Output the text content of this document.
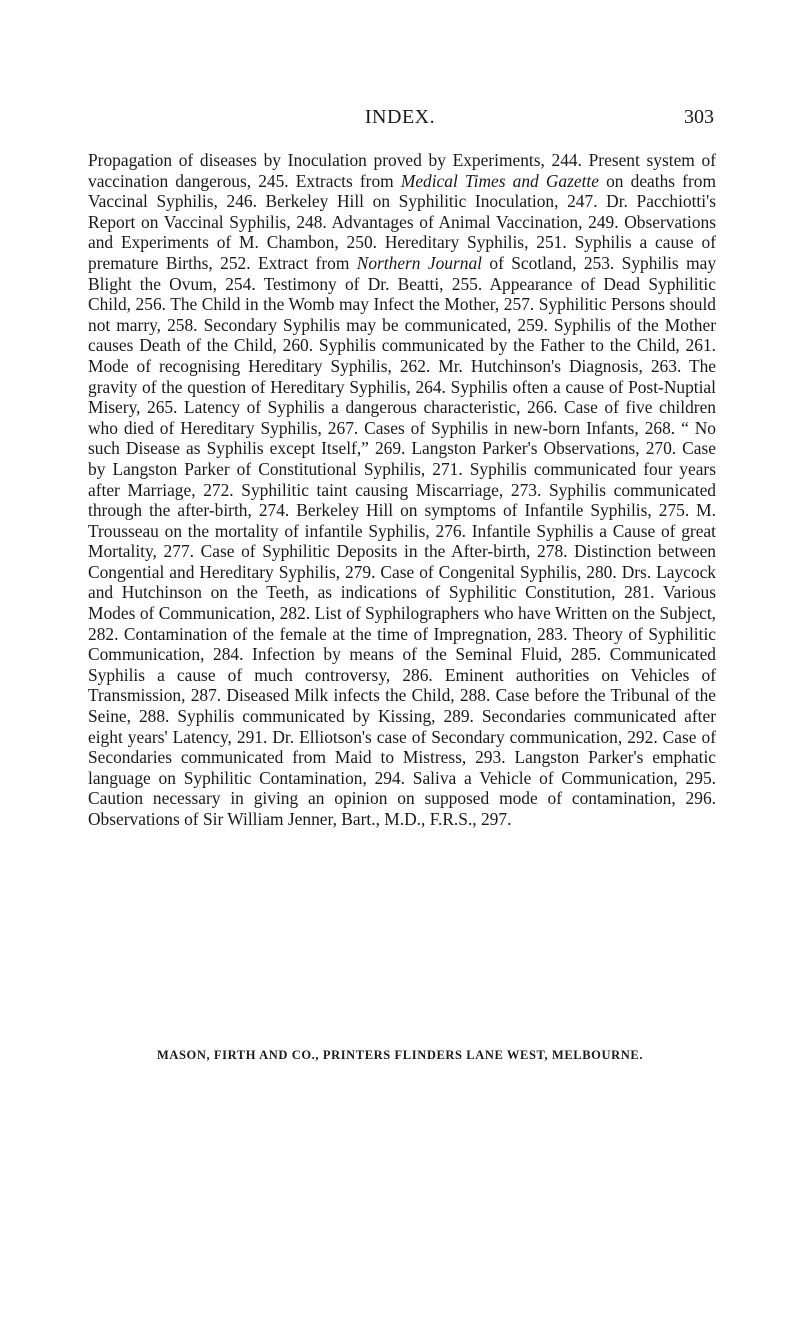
INDEX.	303

Propagation of diseases by Inoculation proved by Experiments, 244. Present system of vaccination dangerous, 245. Extracts from Medical Times and Gazette on deaths from Vaccinal Syphilis, 246. Berkeley Hill on Syphilitic Inoculation, 247. Dr. Pacchiotti's Report on Vaccinal Syphilis, 248. Advantages of Animal Vaccination, 249. Observations and Experiments of M. Chambon, 250. Hereditary Syphilis, 251. Syphilis a cause of premature Births, 252. Extract from Northern Journal of Scotland, 253. Syphilis may Blight the Ovum, 254. Testimony of Dr. Beatti, 255. Appearance of Dead Syphilitic Child, 256. The Child in the Womb may Infect the Mother, 257. Syphilitic Persons should not marry, 258. Secondary Syphilis may be communicated, 259. Syphilis of the Mother causes Death of the Child, 260. Syphilis communicated by the Father to the Child, 261. Mode of recognising Hereditary Syphilis, 262. Mr. Hutchinson's Diagnosis, 263. The gravity of the question of Hereditary Syphilis, 264. Syphilis often a cause of Post-Nuptial Misery, 265. Latency of Syphilis a dangerous characteristic, 266. Case of five children who died of Hereditary Syphilis, 267. Cases of Syphilis in new-born Infants, 268. “ No such Disease as Syphilis except Itself,” 269. Langston Parker's Observations, 270. Case by Langston Parker of Constitutional Syphilis, 271. Syphilis communicated four years after Marriage, 272. Syphilitic taint causing Miscarriage, 273. Syphilis communicated through the after-birth, 274. Berkeley Hill on symptoms of Infantile Syphilis, 275. M. Trousseau on the mortality of infantile Syphilis, 276. Infantile Syphilis a Cause of great Mortality, 277. Case of Syphilitic Deposits in the After-birth, 278. Distinction between Congential and Hereditary Syphilis, 279. Case of Congenital Syphilis, 280. Drs. Laycock and Hutchinson on the Teeth, as indications of Syphilitic Constitution, 281. Various Modes of Communication, 282. List of Syphilographers who have Written on the Subject, 282. Contamination of the female at the time of Impregnation, 283. Theory of Syphilitic Communication, 284. Infection by means of the Seminal Fluid, 285. Communicated Syphilis a cause of much controversy, 286. Eminent authorities on Vehicles of Transmission, 287. Diseased Milk infects the Child, 288. Case before the Tribunal of the Seine, 288. Syphilis communicated by Kissing, 289. Secondaries communicated after eight years' Latency, 291. Dr. Elliotson's case of Secondary communication, 292. Case of Secondaries communicated from Maid to Mistress, 293. Langston Parker's emphatic language on Syphilitic Contamination, 294. Saliva a Vehicle of Communication, 295. Caution necessary in giving an opinion on supposed mode of contamination, 296. Observations of Sir William Jenner, Bart., M.D., F.R.S., 297.

MASON, FIRTH AND CO., PRINTERS FLINDERS LANE WEST, MELBOURNE.
